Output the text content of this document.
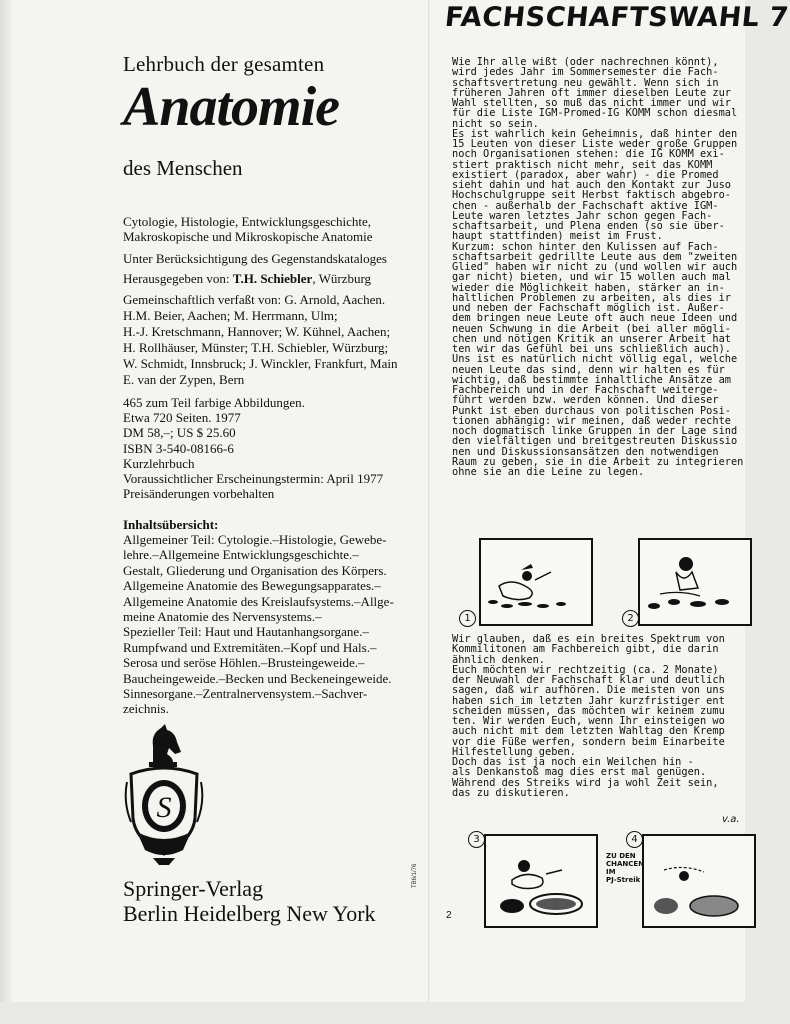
Lehrbuch der gesamten
Anatomie
des Menschen
Cytologie, Histologie, Entwicklungsgeschichte,
Makroskopische und Mikroskopische Anatomie
Unter Berücksichtigung des Gegenstandskataloges
Herausgegeben von: T.H. Schiebler, Würzburg
Gemeinschaftlich verfaßt von: G. Arnold, Aachen.
H.M. Beier, Aachen; M. Herrmann, Ulm;
H.-J. Kretschmann, Hannover; W. Kühnel, Aachen;
H. Rollhäuser, Münster; T.H. Schiebler, Würzburg;
W. Schmidt, Innsbruck; J. Winckler, Frankfurt, Main
E. van der Zypen, Bern
465 zum Teil farbige Abbildungen.
Etwa 720 Seiten. 1977
DM 58,–; US $ 25.60
ISBN 3-540-08166-6
Kurzlehrbuch
Voraussichtlicher Erscheinungstermin: April 1977
Preisänderungen vorbehalten
Inhaltsübersicht:
Allgemeiner Teil: Cytologie.–Histologie, Gewebe-
lehre.–Allgemeine Entwicklungsgeschichte.–
Gestalt, Gliederung und Organisation des Körpers.
Allgemeine Anatomie des Bewegungsapparates.–
Allgemeine Anatomie des Kreislaufsystems.–Allge-
meine Anatomie des Nervensystems.–
Spezieller Teil: Haut und Hautanhangsorgane.–
Rumpfwand und Extremitäten.–Kopf und Hals.–
Serosa und seröse Höhlen.–Brusteingeweide.–
Baucheingeweide.–Becken und Beckeneingeweide.
Sinnesorgane.–Zentralnervensystem.–Sachver-
zeichnis.
S
Springer-Verlag
Berlin Heidelberg New York
TB6/1/76
2
FACHSCHAFTSWAHL 7
Wie Ihr alle wißt (oder nachrechnen könnt),
wird jedes Jahr im Sommersemester die Fach-
schaftsvertretung neu gewählt. Wenn sich in
früheren Jahren oft immer dieselben Leute zur
Wahl stellten, so muß das nicht immer und wir
für die Liste IGM-Promed-IG KOMM schon diesmal
nicht so sein.
Es ist wahrlich kein Geheimnis, daß hinter den
15 Leuten von dieser Liste weder große Gruppen
noch Organisationen stehen: die IG KOMM exi-
stiert praktisch nicht mehr, seit das KOMM
existiert (paradox, aber wahr) - die Promed
sieht dahin und hat auch den Kontakt zur Juso
Hochschulgruppe seit Herbst faktisch abgebro-
chen - außerhalb der Fachschaft aktive IGM-
Leute waren letztes Jahr schon gegen Fach-
schaftsarbeit, und Plena enden (so sie über-
haupt stattfinden) meist im Frust.
Kurzum: schon hinter den Kulissen auf Fach-
schaftsarbeit gedrillte Leute aus dem "zweiten
Glied" haben wir nicht zu (und wollen wir auch
gar nicht) bieten, und wir 15 wollen auch mal
wieder die Möglichkeit haben, stärker an in-
haltlichen Problemen zu arbeiten, als dies ir
und neben der Fachschaft möglich ist. Außer-
dem bringen neue Leute oft auch neue Ideen und
neuen Schwung in die Arbeit (bei aller mögli-
chen und nötigen Kritik an unserer Arbeit hat
ten wir das Gefühl bei uns schließlich auch).
Uns ist es natürlich nicht völlig egal, welche
neuen Leute das sind, denn wir halten es für
wichtig, daß bestimmte inhaltliche Ansätze am
Fachbereich und in der Fachschaft weiterge-
führt werden bzw. werden können. Und dieser
Punkt ist eben durchaus von politischen Posi-
tionen abhängig: wir meinen, daß weder rechte
noch dogmatisch linke Gruppen in der Lage sind
den vielfältigen und breitgestreuten Diskussio
nen und Diskussionsansätzen den notwendigen
Raum zu geben, sie in die Arbeit zu integrieren
ohne sie an die Leine zu legen.
1	2
Wir glauben, daß es ein breites Spektrum von
Kommilitonen am Fachbereich gibt, die darin
ähnlich denken.
Euch möchten wir rechtzeitig (ca. 2 Monate)
der Neuwahl der Fachschaft klar und deutlich
sagen, daß wir aufhören. Die meisten von uns
haben sich im letzten Jahr kurzfristiger ent
scheiden müssen, das möchten wir keinem zumu
ten. Wir werden Euch, wenn Ihr einsteigen wo
auch nicht mit dem letzten Wahltag den Kremp
vor die Füße werfen, sondern beim Einarbeite
Hilfestellung geben.
Doch das ist ja noch ein Weilchen hin -
als Denkanstoß mag dies erst mal genügen.
Während des Streiks wird ja wohl Zeit sein,
das zu diskutieren.
v.a.
3	4
ZU DEN
CHANCEN
IM
PJ-Streik
